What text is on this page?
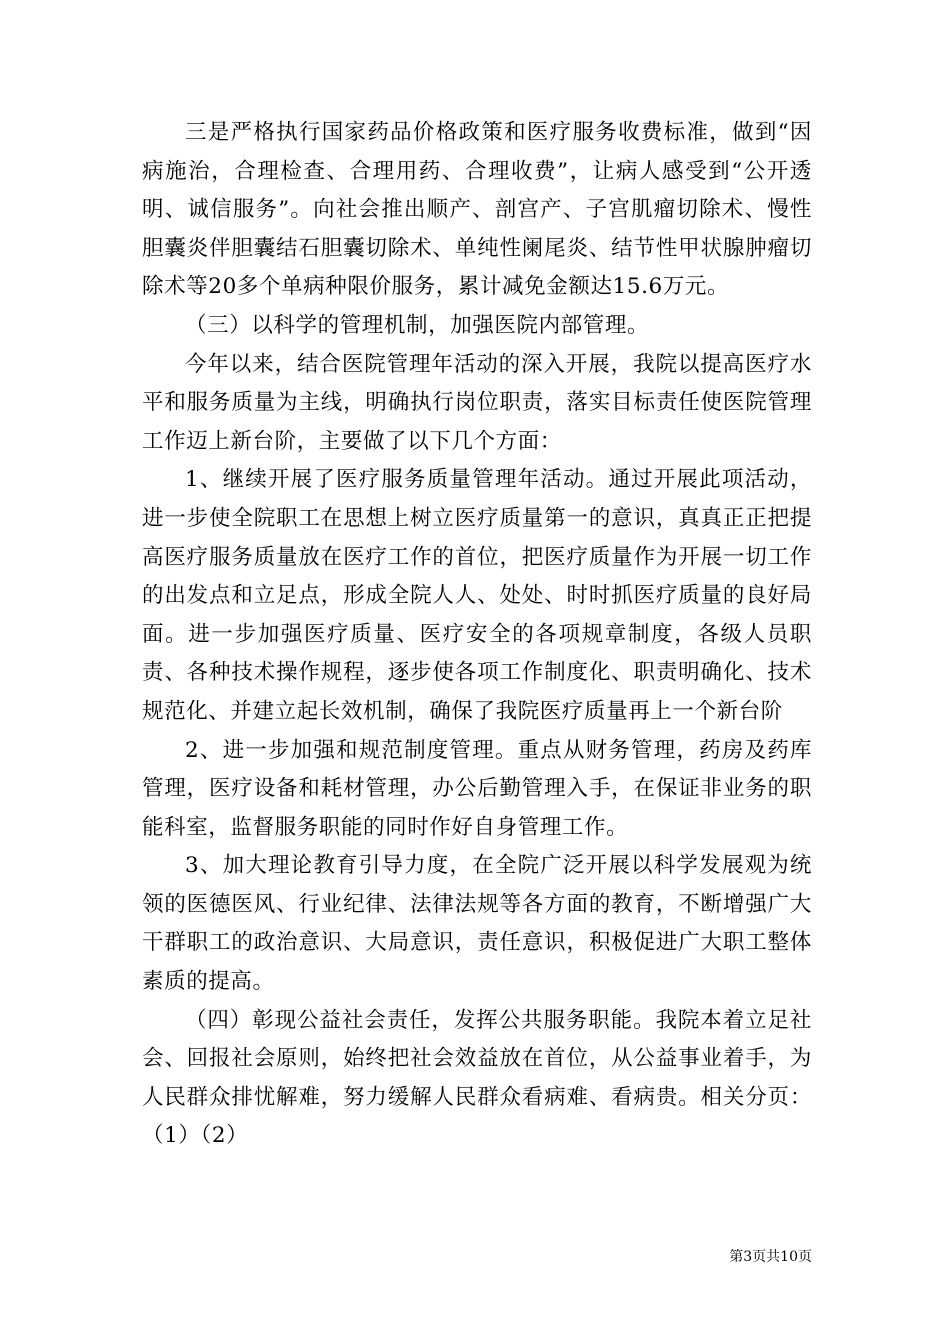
三是严格执行国家药品价格政策和医疗服务收费标准，做到“因病施治，合理检查、合理用药、合理收费”，让病人感受到“公开透明、诚信服务”。向社会推出顺产、剖宫产、子宫肌瘤切除术、慢性胆囊炎伴胆囊结石胆囊切除术、单纯性阑尾炎、结节性甲状腺肿瘤切除术等20多个单病种限价服务，累计减免金额达15.6万元。

（三）以科学的管理机制，加强医院内部管理。

今年以来，结合医院管理年活动的深入开展，我院以提高医疗水平和服务质量为主线，明确执行岗位职责，落实目标责任使医院管理工作迈上新台阶，主要做了以下几个方面：

1、继续开展了医疗服务质量管理年活动。通过开展此项活动，进一步使全院职工在思想上树立医疗质量第一的意识，真真正正把提高医疗服务质量放在医疗工作的首位，把医疗质量作为开展一切工作的出发点和立足点，形成全院人人、处处、时时抓医疗质量的良好局面。进一步加强医疗质量、医疗安全的各项规章制度，各级人员职责、各种技术操作规程，逐步使各项工作制度化、职责明确化、技术规范化、并建立起长效机制，确保了我院医疗质量再上一个新台阶

2、进一步加强和规范制度管理。重点从财务管理，药房及药库管理，医疗设备和耗材管理，办公后勤管理入手，在保证非业务的职能科室，监督服务职能的同时作好自身管理工作。

3、加大理论教育引导力度，在全院广泛开展以科学发展观为统领的医德医风、行业纪律、法律法规等各方面的教育，不断增强广大干群职工的政治意识、大局意识，责任意识，积极促进广大职工整体素质的提高。

（四）彰现公益社会责任，发挥公共服务职能。我院本着立足社会、回报社会原则，始终把社会效益放在首位，从公益事业着手，为人民群众排忧解难，努力缓解人民群众看病难、看病贵。相关分页：（1）（2）

第3页共10页
